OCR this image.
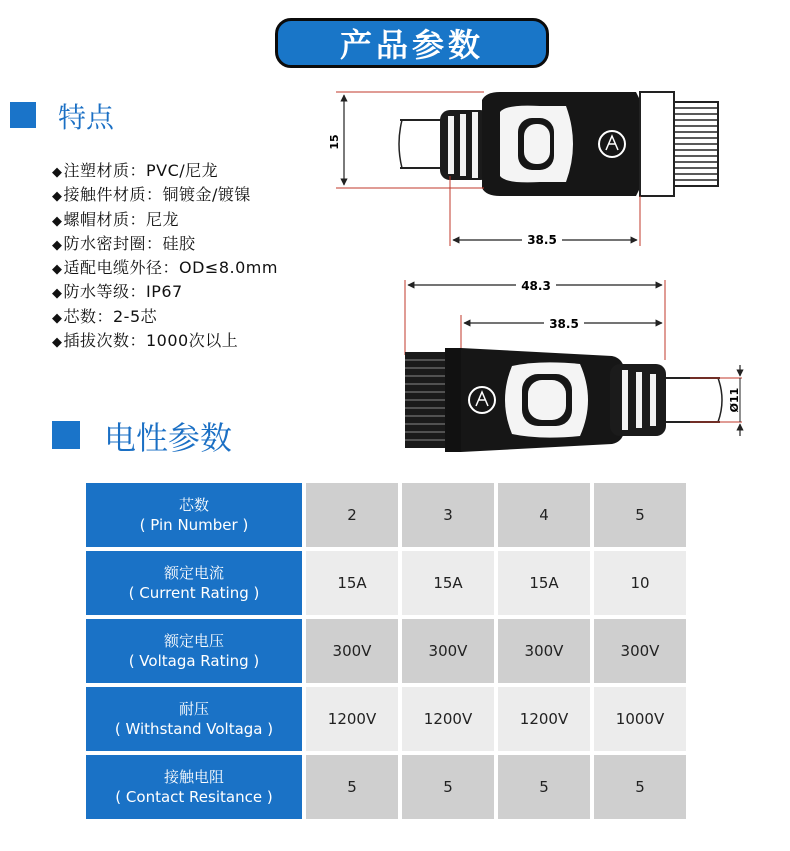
产品参数
特点
◆注塑材质：PVC/尼龙
◆接触件材质：铜镀金/镀镍
◆螺帽材质：尼龙
◆防水密封圈：硅胶
◆适配电缆外径：OD≤8.0mm
◆防水等级：IP67
◆芯数：2-5芯
◆插拔次数：1000次以上
15
38.5
48.3
38.5
Ø11
电性参数
芯数
( Pin Number )	2	3	4	5

额定电流
( Current Rating )	15A	15A	15A	10

额定电压
( Voltaga Rating )	300V	300V	300V	300V

耐压
( Withstand Voltaga )	1200V	1200V	1200V	1000V

接触电阻
( Contact Resitance )	5	5	5	5
